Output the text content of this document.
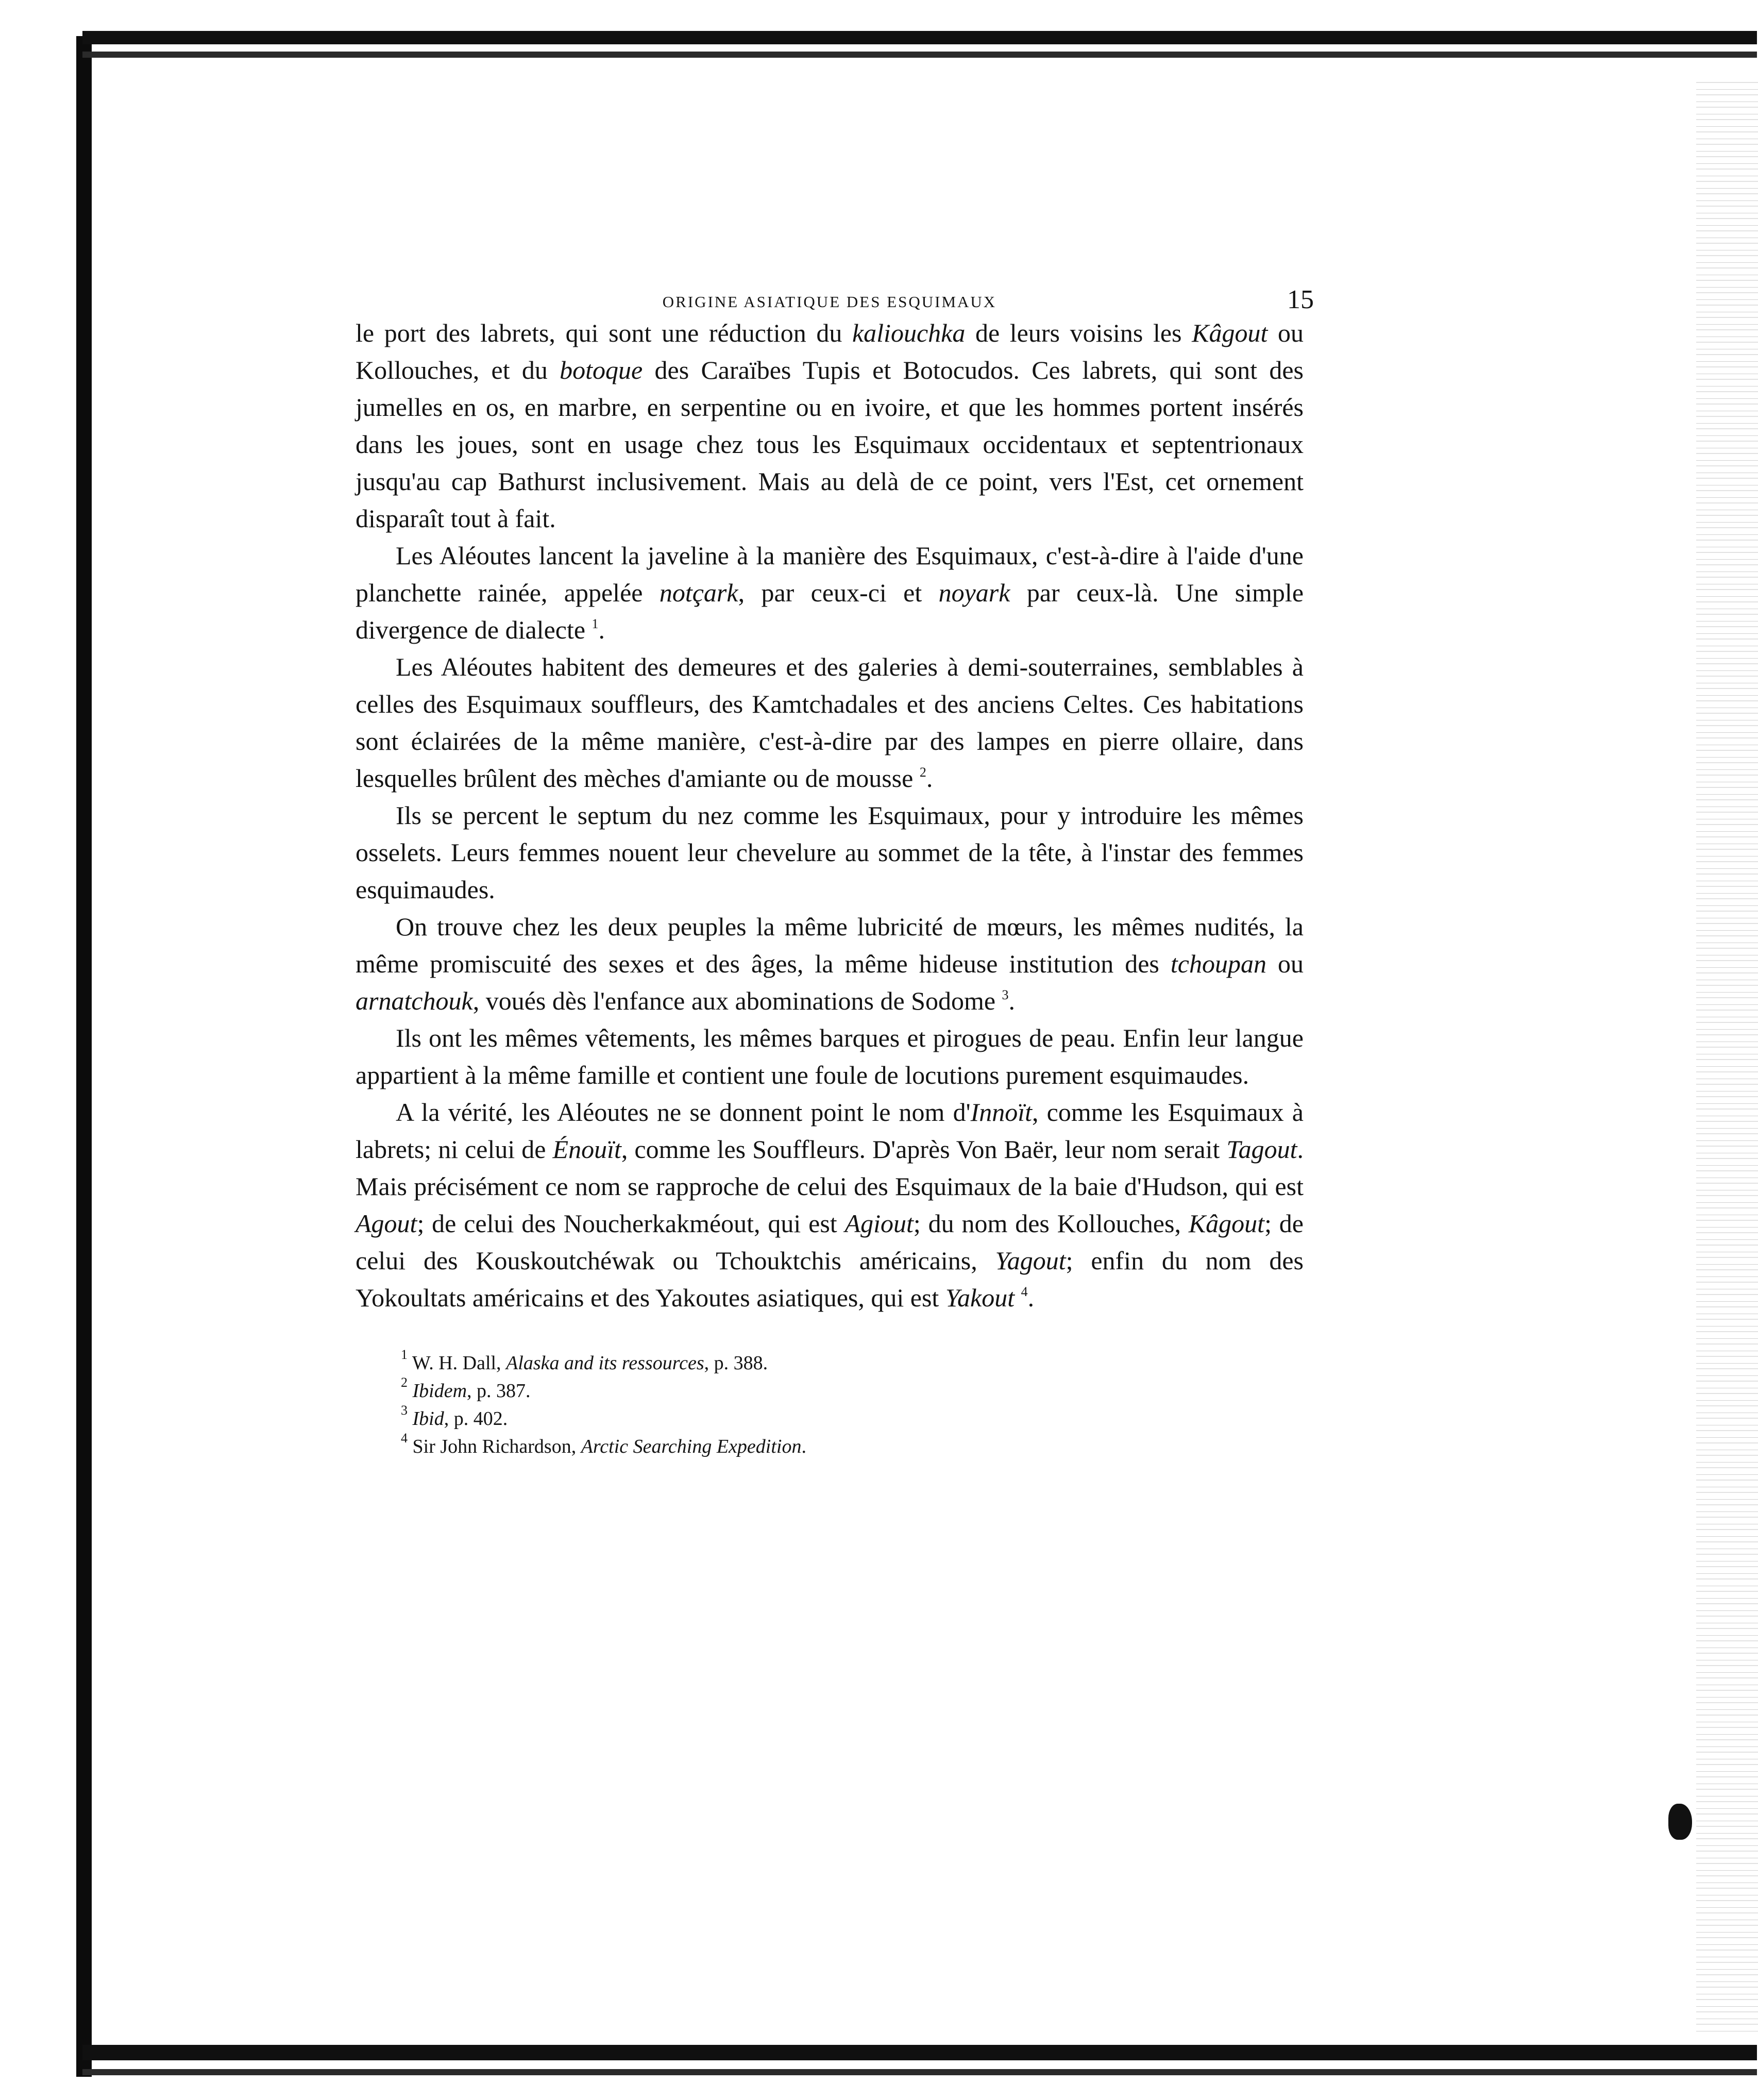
ORIGINE ASIATIQUE DES ESQUIMAUX	15

le port des labrets, qui sont une réduction du kaliouchka de leurs voisins les Kâgout ou Kollouches, et du botoque des Caraïbes Tupis et Botocudos. Ces labrets, qui sont des jumelles en os, en marbre, en serpentine ou en ivoire, et que les hommes portent insérés dans les joues, sont en usage chez tous les Esquimaux occidentaux et septentrionaux jusqu'au cap Bathurst inclusivement. Mais au delà de ce point, vers l'Est, cet ornement disparaît tout à fait.

Les Aléoutes lancent la javeline à la manière des Esquimaux, c'est-à-dire à l'aide d'une planchette rainée, appelée notçark, par ceux-ci et noyark par ceux-là. Une simple divergence de dialecte $^1$.

Les Aléoutes habitent des demeures et des galeries à demi-souterraines, semblables à celles des Esquimaux souffleurs, des Kamtchadales et des anciens Celtes. Ces habitations sont éclairées de la même manière, c'est-à-dire par des lampes en pierre ollaire, dans lesquelles brûlent des mèches d'amiante ou de mousse $^2$.

Ils se percent le septum du nez comme les Esquimaux, pour y introduire les mêmes osselets. Leurs femmes nouent leur chevelure au sommet de la tête, à l'instar des femmes esquimaudes.

On trouve chez les deux peuples la même lubricité de mœurs, les mêmes nudités, la même promiscuité des sexes et des âges, la même hideuse institution des tchoupan ou arnatchouk, voués dès l'enfance aux abominations de Sodome $^3$.

Ils ont les mêmes vêtements, les mêmes barques et pirogues de peau. Enfin leur langue appartient à la même famille et contient une foule de locutions purement esquimaudes.

A la vérité, les Aléoutes ne se donnent point le nom d'Innoït, comme les Esquimaux à labrets; ni celui de Énouït, comme les Souffleurs. D'après Von Baër, leur nom serait Tagout. Mais précisément ce nom se rapproche de celui des Esquimaux de la baie d'Hudson, qui est Agout; de celui des Noucherkakméout, qui est Agiout; du nom des Kollouches, Kâgout; de celui des Kouskoutchéwak ou Tchouktchis américains, Yagout; enfin du nom des Yokoultats américains et des Yakoutes asiatiques, qui est Yakout $^4$.

$^1$ W. H. Dall, Alaska and its ressources, p. 388.
$^2$ Ibidem, p. 387.
$^3$ Ibid, p. 402.
$^4$ Sir John Richardson, Arctic Searching Expedition.
